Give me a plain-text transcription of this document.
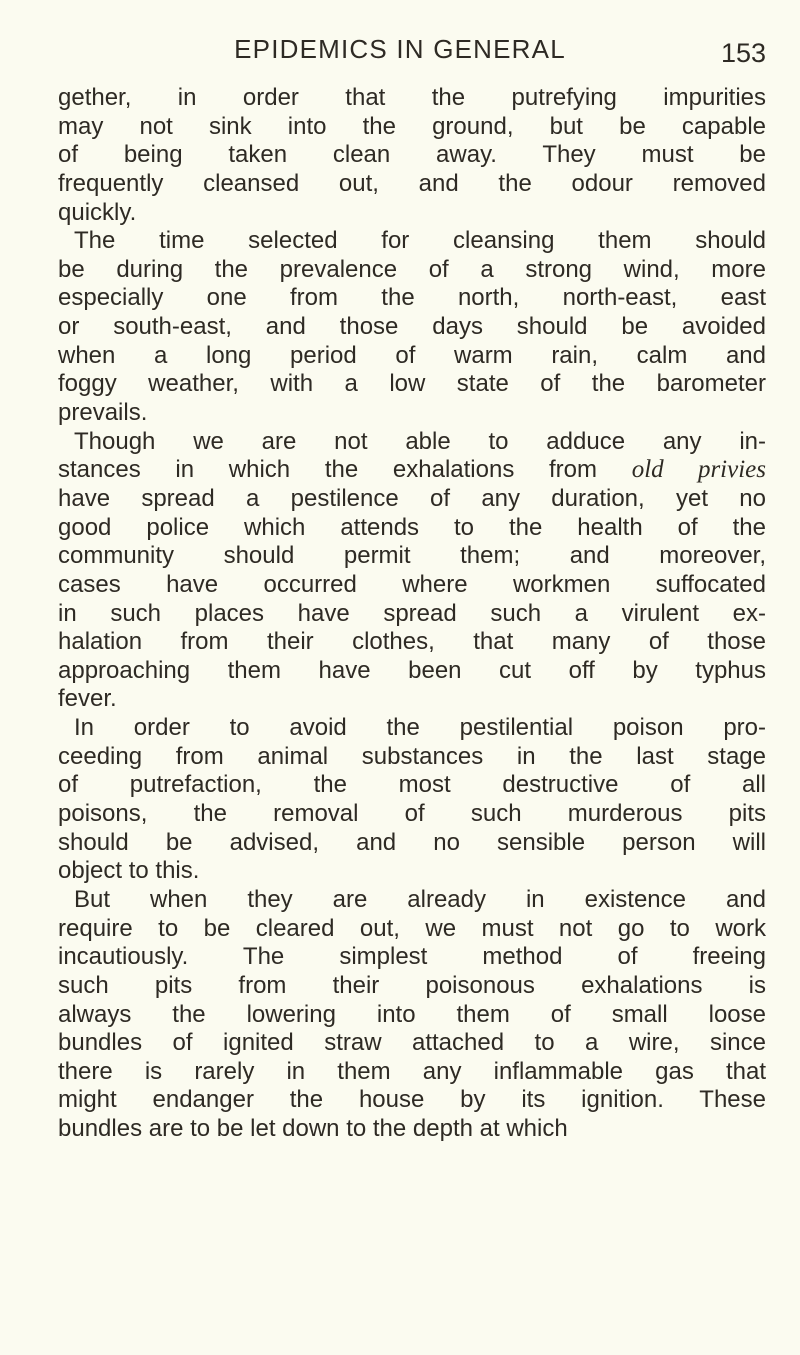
EPIDEMICS IN GENERAL	153
gether, in order that the putrefying impurities
may not sink into the ground, but be capable
of being taken clean away. They must be
frequently cleansed out, and the odour removed
quickly.
The time selected for cleansing them should
be during the prevalence of a strong wind, more
especially one from the north, north-east, east
or south-east, and those days should be avoided
when a long period of warm rain, calm and
foggy weather, with a low state of the barometer
prevails.
Though we are not able to adduce any in-
stances in which the exhalations from old privies
have spread a pestilence of any duration, yet no
good police which attends to the health of the
community should permit them; and moreover,
cases have occurred where workmen suffocated
in such places have spread such a virulent ex-
halation from their clothes, that many of those
approaching them have been cut off by typhus
fever.
In order to avoid the pestilential poison pro-
ceeding from animal substances in the last stage
of putrefaction, the most destructive of all
poisons, the removal of such murderous pits
should be advised, and no sensible person will
object to this.
But when they are already in existence and
require to be cleared out, we must not go to work
incautiously. The simplest method of freeing
such pits from their poisonous exhalations is
always the lowering into them of small loose
bundles of ignited straw attached to a wire, since
there is rarely in them any inflammable gas that
might endanger the house by its ignition. These
bundles are to be let down to the depth at which
